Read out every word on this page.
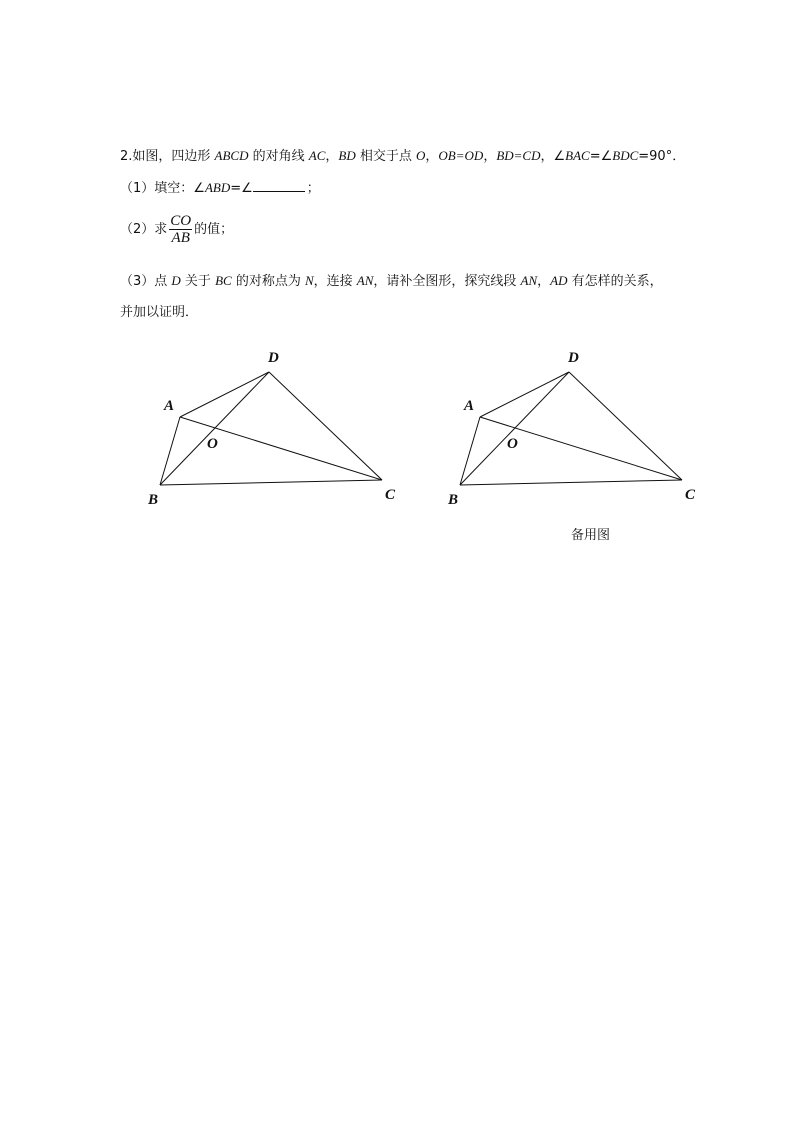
2.如图，四边形 ABCD 的对角线 AC，BD 相交于点 O，OB=OD，BD=CD，∠BAC=∠BDC=90°．
（1）填空：∠ABD=∠	；
（2）求 $\frac{CO}{AB}$ 的值；
（3）点 D 关于 BC 的对称点为 N，连接 AN，请补全图形，探究线段 AN，AD 有怎样的关系，
并加以证明．
D
A
O
B	C
D
A
O
B	C
备用图
